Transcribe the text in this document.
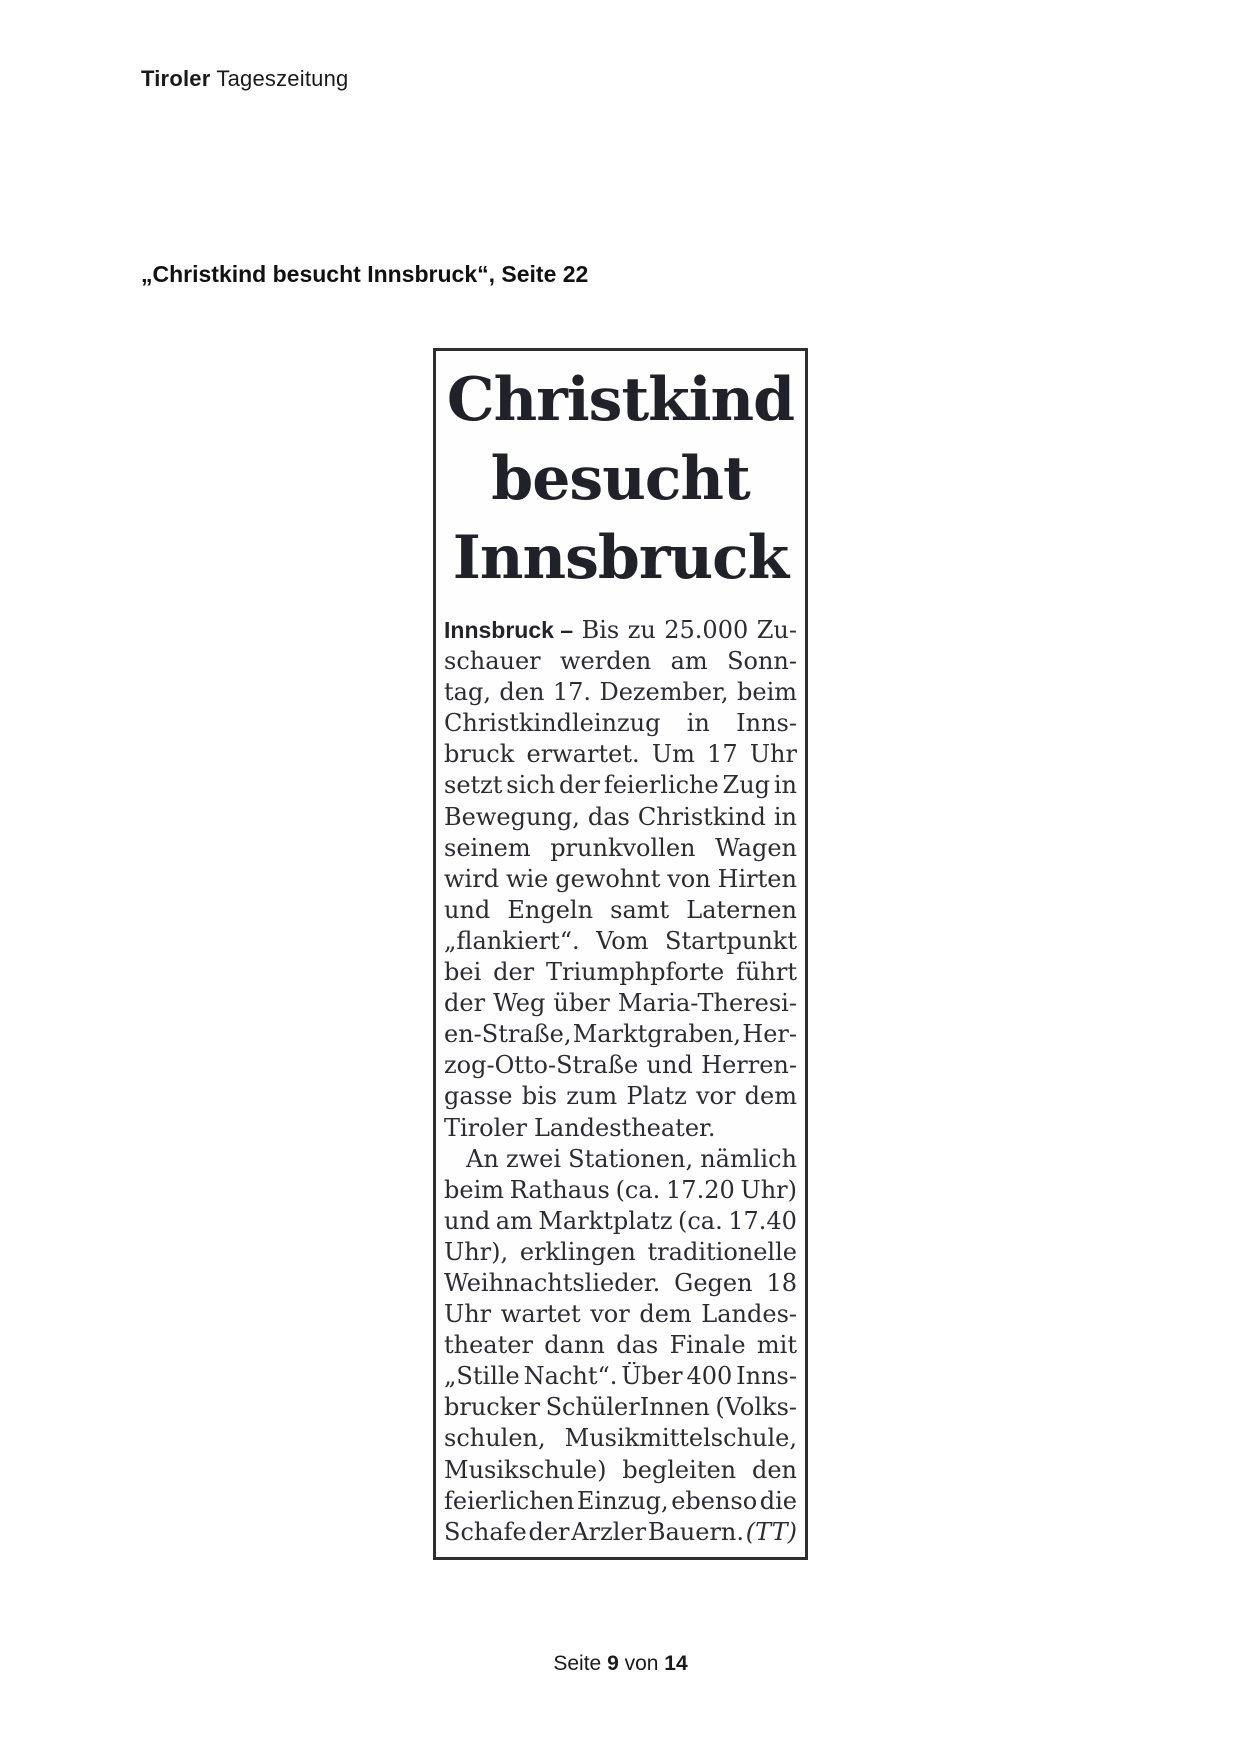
Tiroler Tageszeitung
„Christkind besucht Innsbruck“, Seite 22
Christkind
besucht
Innsbruck
Innsbruck – Bis zu 25.000 Zu-
schauer werden am Sonn-
tag, den 17. Dezember, beim
Christkindleinzug in Inns-
bruck erwartet. Um 17 Uhr
setzt sich der feierliche Zug in
Bewegung, das Christkind in
seinem prunkvollen Wagen
wird wie gewohnt von Hirten
und Engeln samt Laternen
„flankiert“. Vom Startpunkt
bei der Triumphpforte führt
der Weg über Maria-Theresi-
en-Straße, Marktgraben, Her-
zog-Otto-Straße und Herren-
gasse bis zum Platz vor dem
Tiroler Landestheater.
An zwei Stationen, nämlich
beim Rathaus (ca. 17.20 Uhr)
und am Marktplatz (ca. 17.40
Uhr), erklingen traditionelle
Weihnachtslieder. Gegen 18
Uhr wartet vor dem Landes-
theater dann das Finale mit
„Stille Nacht“. Über 400 Inns-
brucker SchülerInnen (Volks-
schulen, Musikmittelschule,
Musikschule) begleiten den
feierlichen Einzug, ebenso die
Schafe der Arzler Bauern. (TT)
Seite 9 von 14
